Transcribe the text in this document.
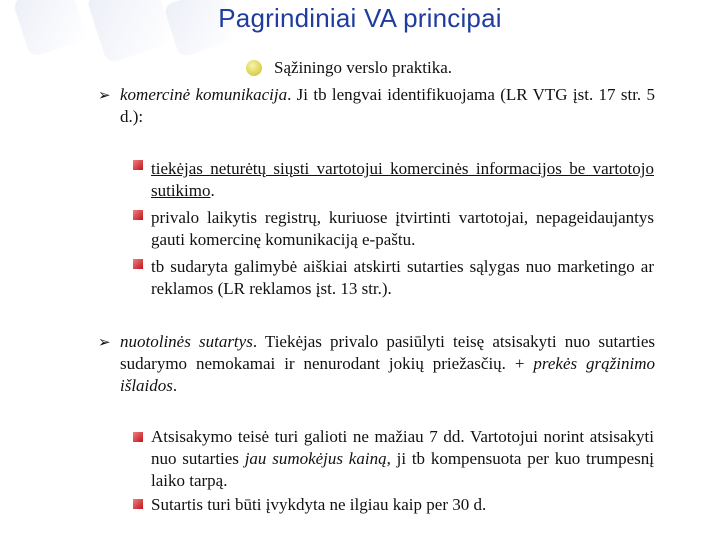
Pagrindiniai VA principai
Sąžiningo verslo praktika.
➢ komercinė komunikacija. Ji tb lengvai identifikuojama (LR VTG įst. 17 str. 5 d.):
tiekėjas neturėtų siųsti vartotojui komercinės informacijos be vartotojo sutikimo.
privalo laikytis registrų, kuriuose įtvirtinti vartotojai, nepageidaujantys gauti komercinę komunikaciją e-paštu.
tb sudaryta galimybė aiškiai atskirti sutarties sąlygas nuo marketingo ar reklamos (LR reklamos įst. 13 str.).
➢ nuotolinės sutartys. Tiekėjas privalo pasiūlyti teisę atsisakyti nuo sutarties sudarymo nemokamai ir nenurodant jokių priežasčių. + prekės grąžinimo išlaidos.
Atsisakymo teisė turi galioti ne mažiau 7 dd. Vartotojui norint atsisakyti nuo sutarties jau sumokėjus kainą, ji tb kompensuota per kuo trumpesnį laiko tarpą.
Sutartis turi būti įvykdyta ne ilgiau kaip per 30 d.
